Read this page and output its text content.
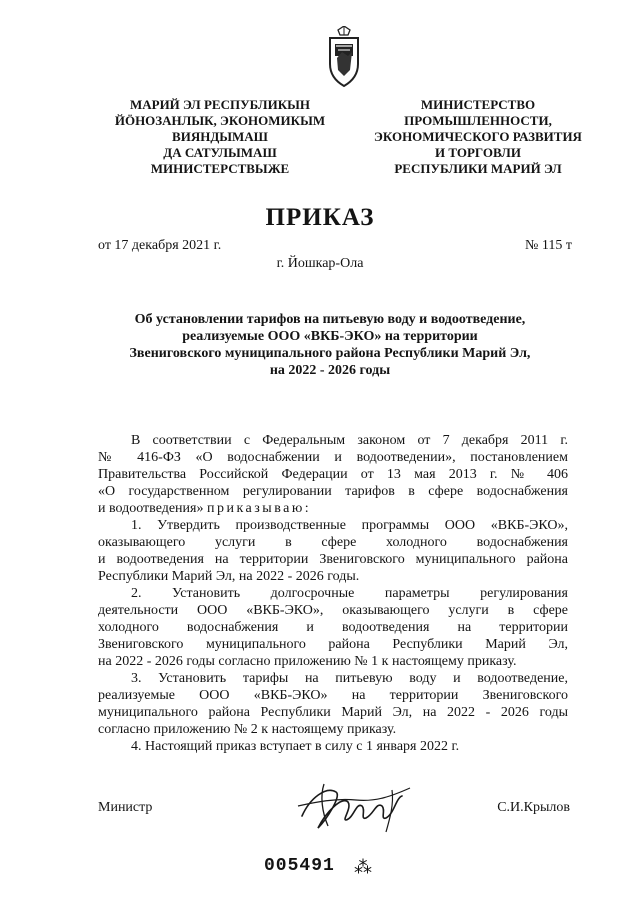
МАРИЙ ЭЛ РЕСПУБЛИКЫН
ЙӦНОЗАНЛЫК, ЭКОНОМИКЫМ
ВИЯНДЫМАШ
ДА САТУЛЫМАШ
МИНИСТЕРСТВЫЖЕ
МИНИСТЕРСТВО
ПРОМЫШЛЕННОСТИ,
ЭКОНОМИЧЕСКОГО РАЗВИТИЯ
И ТОРГОВЛИ
РЕСПУБЛИКИ МАРИЙ ЭЛ
ПРИКАЗ
от 17 декабря 2021 г.	№ 115 т
г. Йошкар-Ола
Об установлении тарифов на питьевую воду и водоотведение,
реализуемые ООО «ВКБ-ЭКО» на территории
Звениговского муниципального района Республики Марий Эл,
на 2022 - 2026 годы

В соответствии с Федеральным законом от 7 декабря 2011 г.

№ 416-ФЗ «О водоснабжении и водоотведении», постановлением

Правительства Российской Федерации от 13 мая 2013 г. № 406

«О государственном регулировании тарифов в сфере водоснабжения

и водоотведения» приказываю:

1. Утвердить производственные программы ООО «ВКБ-ЭКО»,

оказывающего услуги в сфере холодного водоснабжения

и водоотведения на территории Звениговского муниципального района

Республики Марий Эл, на 2022 - 2026 годы.

2. Установить долгосрочные параметры регулирования

деятельности ООО «ВКБ-ЭКО», оказывающего услуги в сфере

холодного водоснабжения и водоотведения на территории

Звениговского муниципального района Республики Марий Эл,

на 2022 - 2026 годы согласно приложению № 1 к настоящему приказу.

3. Установить тарифы на питьевую воду и водоотведение,

реализуемые ООО «ВКБ-ЭКО» на территории Звениговского

муниципального района Республики Марий Эл, на 2022 - 2026 годы

согласно приложению № 2 к настоящему приказу.

4. Настоящий приказ вступает в силу с 1 января 2022 г.

Министр	С.И.Крылов
005491 ⁂
